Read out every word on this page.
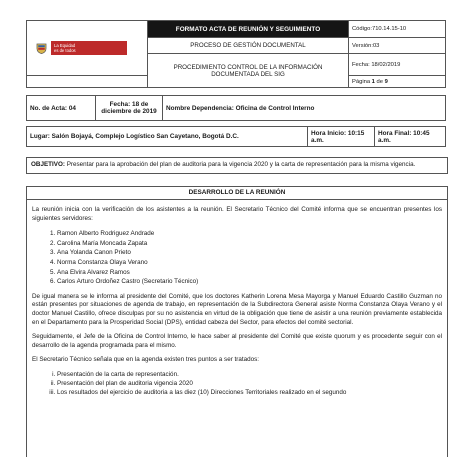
La Equidad
es de todos	FORMATO ACTA DE REUNIÓN Y SEGUIMIENTO	Código:710.14.15-10
	PROCESO DE GESTIÓN DOCUMENTAL	Versión:03
	PROCEDIMIENTO CONTROL DE LA INFORMACIÓN DOCUMENTADA DEL SIG	Fecha: 18/02/2019
		Página 1 de 9
No. de Acta: 04	Fecha: 18 de diciembre de 2019	Nombre Dependencia: Oficina de Control Interno
Lugar: Salón Bojayá, Complejo Logístico San Cayetano, Bogotá D.C.	Hora Inicio: 10:15 a.m.	Hora Final: 10:45 a.m.
OBJETIVO: Presentar para la aprobación del plan de auditoria para la vigencia 2020 y la carta de representación para la misma vigencia.
DESARROLLO DE LA REUNIÓN

La reunión inicia con la verificación de los asistentes a la reunión. El Secretario Técnico del Comité informa que se encuentran presentes los siguientes servidores:

1. Ramon Alberto Rodriguez Andrade
2. Carolina María Moncada Zapata
3. Ana Yolanda Canon Prieto
4. Norma Constanza Olaya Verano
5. Ana Elvira Alvarez Ramos
6. Carlos Arturo Ordoñez Castro (Secretario Técnico)

De igual manera se le informa al presidente del Comité, que los doctores Katherin Lorena Mesa Mayorga y Manuel Eduardo Castillo Guzman no están presentes por situaciones de agenda de trabajo, en representación de la Subdirectora General asiste Norma Constanza Olaya Verano y el doctor Manuel Castillo, ofrece disculpas por su no asistencia en virtud de la obligación que tiene de asistir a una reunión previamente establecida en el Departamento para la Prosperidad Social (DPS), entidad cabeza del Sector, para efectos del comité sectorial.

Seguidamente, el Jefe de la Oficina de Control Interno, le hace saber al presidente del Comité que existe quorum y es procedente seguir con el desarrollo de la agenda programada para el mismo.

El Secretario Técnico señala que en la agenda existen tres puntos a ser tratados:

i. Presentación de la carta de representación.
ii. Presentación del plan de auditoria vigencia 2020
iii. Los resultados del ejercicio de auditoria a las diez (10) Direcciones Territoriales realizado en el segundo
